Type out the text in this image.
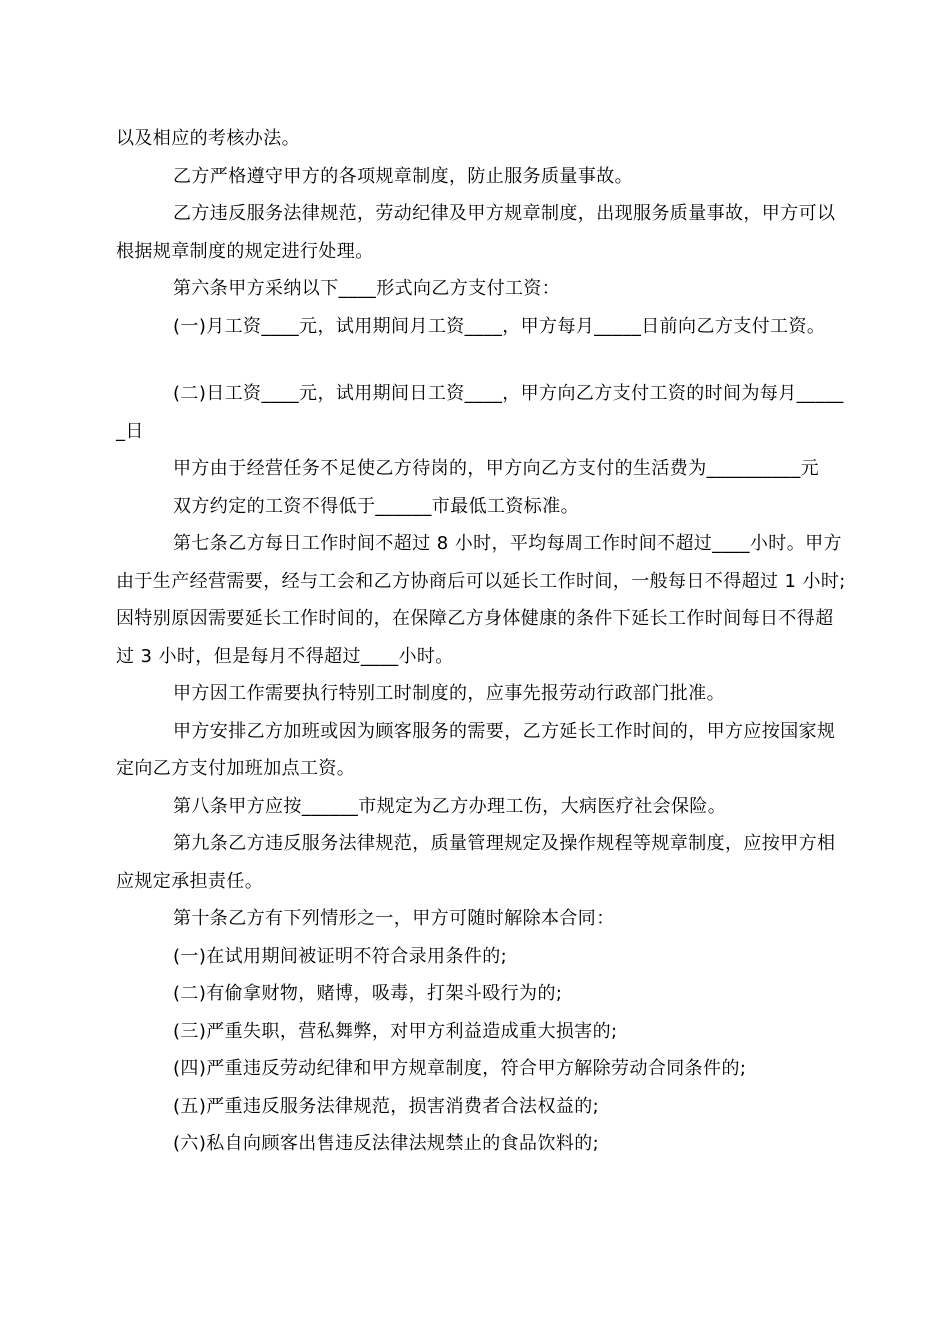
以及相应的考核办法。

乙方严格遵守甲方的各项规章制度，防止服务质量事故。

乙方违反服务法律规范，劳动纪律及甲方规章制度，出现服务质量事故，甲方可以根据规章制度的规定进行处理。

第六条甲方采纳以下____形式向乙方支付工资：

(一)月工资____元，试用期间月工资____，甲方每月_____日前向乙方支付工资。

(二)日工资____元，试用期间日工资____，甲方向乙方支付工资的时间为每月______日

甲方由于经营任务不足使乙方待岗的，甲方向乙方支付的生活费为__________元

双方约定的工资不得低于______市最低工资标准。

第七条乙方每日工作时间不超过 8 小时，平均每周工作时间不超过____小时。甲方由于生产经营需要，经与工会和乙方协商后可以延长工作时间，一般每日不得超过 1 小时;因特别原因需要延长工作时间的，在保障乙方身体健康的条件下延长工作时间每日不得超过 3 小时，但是每月不得超过____小时。

甲方因工作需要执行特别工时制度的，应事先报劳动行政部门批准。

甲方安排乙方加班或因为顾客服务的需要，乙方延长工作时间的，甲方应按国家规定向乙方支付加班加点工资。

第八条甲方应按______市规定为乙方办理工伤，大病医疗社会保险。

第九条乙方违反服务法律规范，质量管理规定及操作规程等规章制度，应按甲方相应规定承担责任。

第十条乙方有下列情形之一，甲方可随时解除本合同：

(一)在试用期间被证明不符合录用条件的;

(二)有偷拿财物，赌博，吸毒，打架斗殴行为的;

(三)严重失职，营私舞弊，对甲方利益造成重大损害的;

(四)严重违反劳动纪律和甲方规章制度，符合甲方解除劳动合同条件的;

(五)严重违反服务法律规范，损害消费者合法权益的;

(六)私自向顾客出售违反法律法规禁止的食品饮料的;
